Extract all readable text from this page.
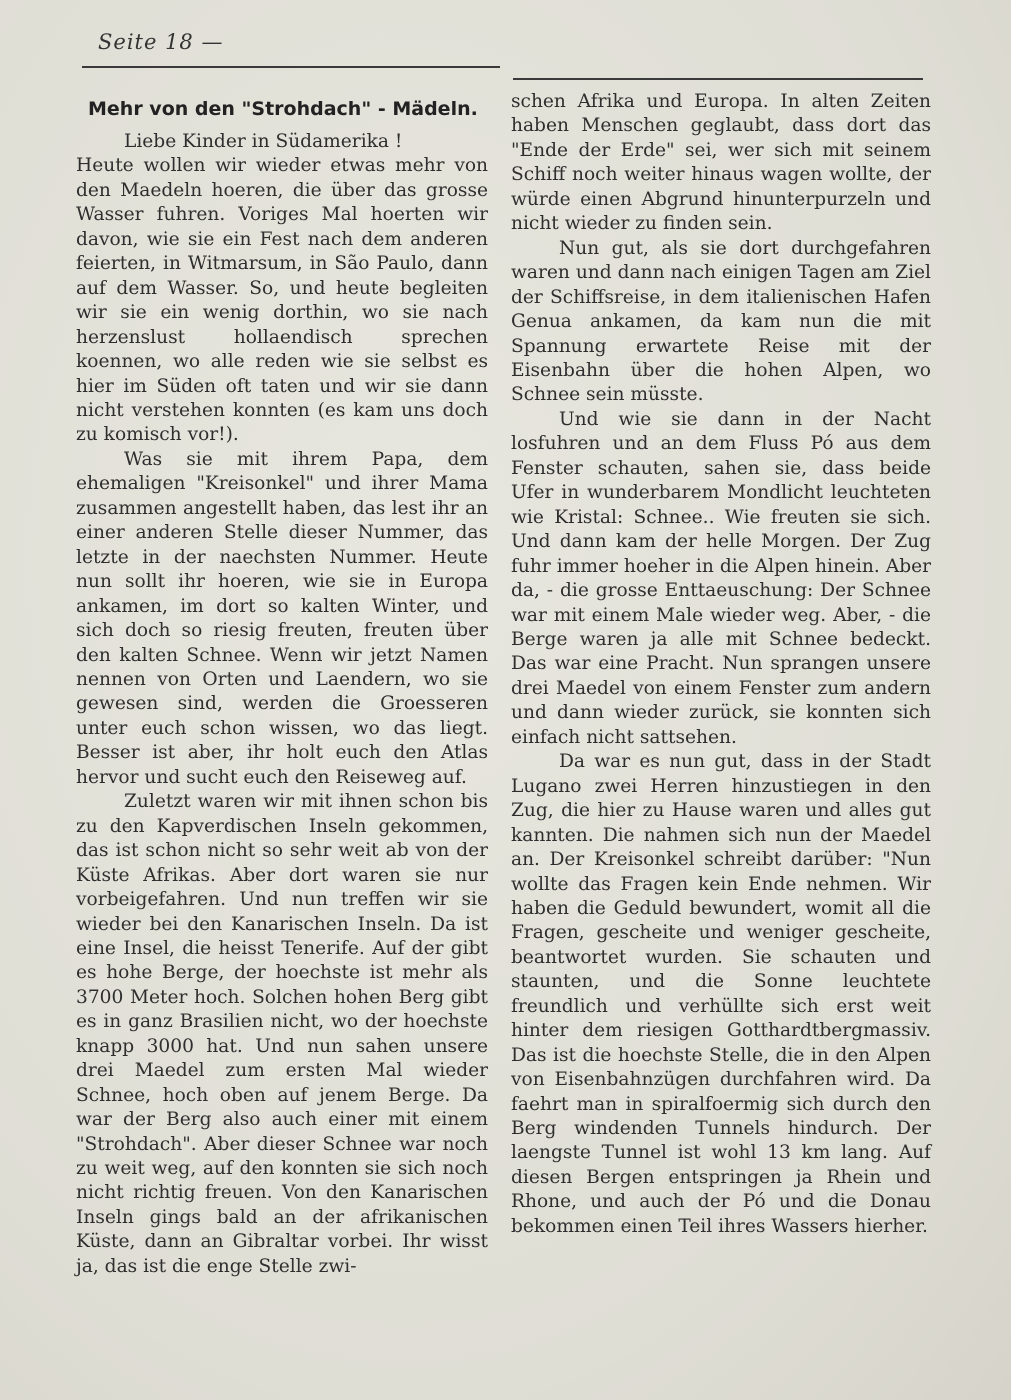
Seite 18 —
Mehr von den "Strohdach" - Mädeln.

Liebe Kinder in Südamerika !

Heute wollen wir wieder etwas mehr von den Maedeln hoeren, die über das grosse Wasser fuhren. Voriges Mal hoerten wir davon, wie sie ein Fest nach dem anderen feierten, in Witmarsum, in São Paulo, dann auf dem Wasser. So, und heute begleiten wir sie ein wenig dorthin, wo sie nach herzenslust hollaendisch sprechen koennen, wo alle reden wie sie selbst es hier im Süden oft taten und wir sie dann nicht verstehen konnten (es kam uns doch zu komisch vor!).

Was sie mit ihrem Papa, dem ehemaligen "Kreisonkel" und ihrer Mama zusammen angestellt haben, das lest ihr an einer anderen Stelle dieser Nummer, das letzte in der naechsten Nummer. Heute nun sollt ihr hoeren, wie sie in Europa ankamen, im dort so kalten Winter, und sich doch so riesig freuten, freuten über den kalten Schnee. Wenn wir jetzt Namen nennen von Orten und Laendern, wo sie gewesen sind, werden die Groesseren unter euch schon wissen, wo das liegt. Besser ist aber, ihr holt euch den Atlas hervor und sucht euch den Reiseweg auf.

Zuletzt waren wir mit ihnen schon bis zu den Kapverdischen Inseln gekommen, das ist schon nicht so sehr weit ab von der Küste Afrikas. Aber dort waren sie nur vorbeigefahren. Und nun treffen wir sie wieder bei den Kanarischen Inseln. Da ist eine Insel, die heisst Tenerife. Auf der gibt es hohe Berge, der hoechste ist mehr als 3700 Meter hoch. Solchen hohen Berg gibt es in ganz Brasilien nicht, wo der hoechste knapp 3000 hat. Und nun sahen unsere drei Maedel zum ersten Mal wieder Schnee, hoch oben auf jenem Berge. Da war der Berg also auch einer mit einem "Strohdach". Aber dieser Schnee war noch zu weit weg, auf den konnten sie sich noch nicht richtig freuen. Von den Kanarischen Inseln gings bald an der afrikanischen Küste, dann an Gibraltar vorbei. Ihr wisst ja, das ist die enge Stelle zwi-

schen Afrika und Europa. In alten Zeiten haben Menschen geglaubt, dass dort das "Ende der Erde" sei, wer sich mit seinem Schiff noch weiter hinaus wagen wollte, der würde einen Abgrund hinunterpurzeln und nicht wieder zu finden sein.

Nun gut, als sie dort durchgefahren waren und dann nach einigen Tagen am Ziel der Schiffsreise, in dem italienischen Hafen Genua ankamen, da kam nun die mit Spannung erwartete Reise mit der Eisenbahn über die hohen Alpen, wo Schnee sein müsste.

Und wie sie dann in der Nacht losfuhren und an dem Fluss Pó aus dem Fenster schauten, sahen sie, dass beide Ufer in wunderbarem Mondlicht leuchteten wie Kristal: Schnee.. Wie freuten sie sich. Und dann kam der helle Morgen. Der Zug fuhr immer hoeher in die Alpen hinein. Aber da, - die grosse Enttaeuschung: Der Schnee war mit einem Male wieder weg. Aber, - die Berge waren ja alle mit Schnee bedeckt. Das war eine Pracht. Nun sprangen unsere drei Maedel von einem Fenster zum andern und dann wieder zurück, sie konnten sich einfach nicht sattsehen.

Da war es nun gut, dass in der Stadt Lugano zwei Herren hinzustiegen in den Zug, die hier zu Hause waren und alles gut kannten. Die nahmen sich nun der Maedel an. Der Kreisonkel schreibt darüber: "Nun wollte das Fragen kein Ende nehmen. Wir haben die Geduld bewundert, womit all die Fragen, gescheite und weniger gescheite, beantwortet wurden. Sie schauten und staunten, und die Sonne leuchtete freundlich und verhüllte sich erst weit hinter dem riesigen Gotthardtbergmassiv. Das ist die hoechste Stelle, die in den Alpen von Eisenbahnzügen durchfahren wird. Da faehrt man in spiralfoermig sich durch den Berg windenden Tunnels hindurch. Der laengste Tunnel ist wohl 13 km lang. Auf diesen Bergen entspringen ja Rhein und Rhone, und auch der Pó und die Donau bekommen einen Teil ihres Wassers hierher.
